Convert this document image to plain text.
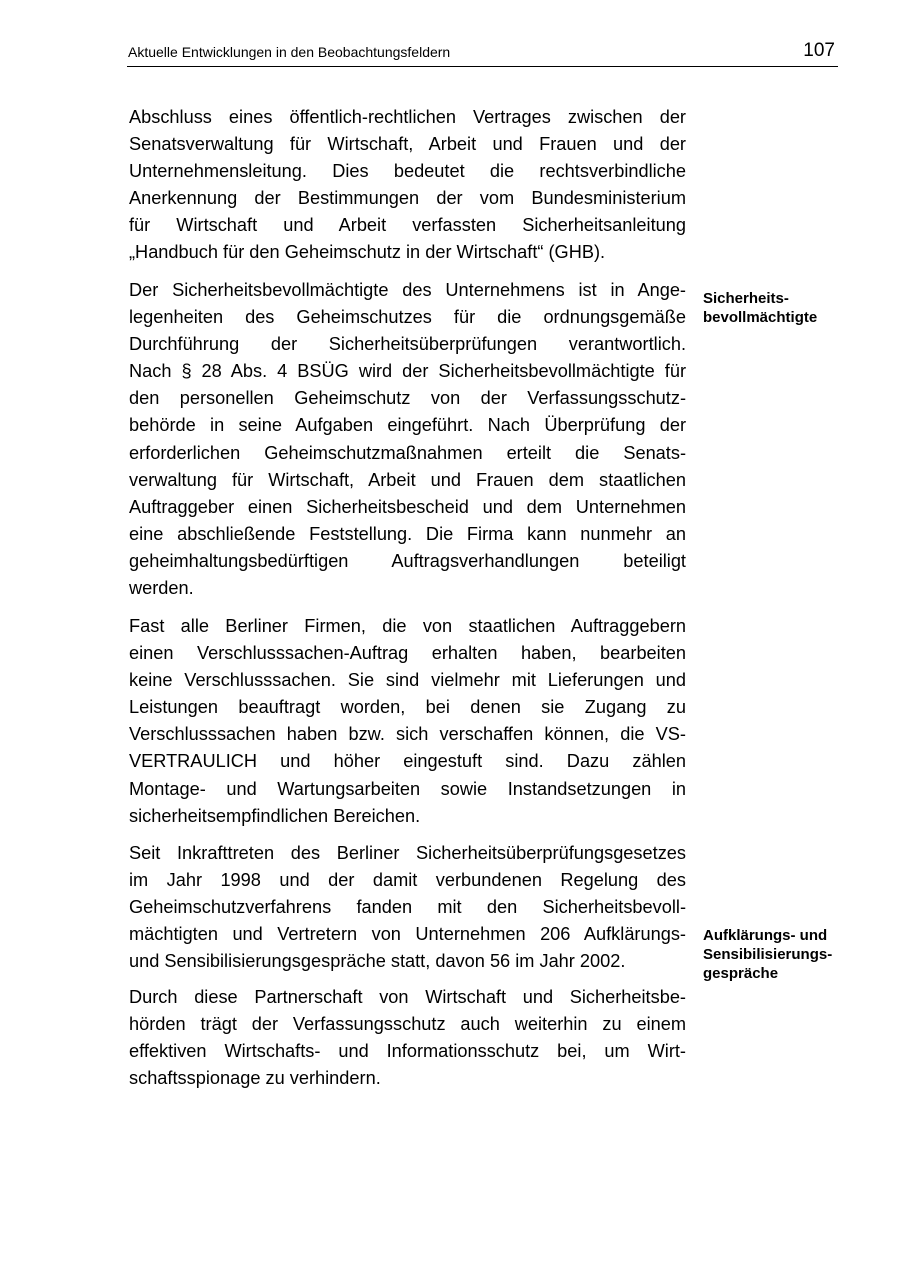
Aktuelle Entwicklungen in den Beobachtungsfeldern	107

Abschluss eines öffentlich-rechtlichen Vertrages zwischen der
Senatsverwaltung für Wirtschaft, Arbeit und Frauen und der
Unternehmensleitung. Dies bedeutet die rechtsverbindliche
Anerkennung der Bestimmungen der vom Bundesministerium
für Wirtschaft und Arbeit verfassten Sicherheitsanleitung
„Handbuch für den Geheimschutz in der Wirtschaft“ (GHB).

Der Sicherheitsbevollmächtigte des Unternehmens ist in Ange-
legenheiten des Geheimschutzes für die ordnungsgemäße
Durchführung der Sicherheitsüberprüfungen verantwortlich.
Nach § 28 Abs. 4 BSÜG wird der Sicherheitsbevollmächtigte für
den personellen Geheimschutz von der Verfassungsschutz-
behörde in seine Aufgaben eingeführt. Nach Überprüfung der
erforderlichen Geheimschutzmaßnahmen erteilt die Senats-
verwaltung für Wirtschaft, Arbeit und Frauen dem staatlichen
Auftraggeber einen Sicherheitsbescheid und dem Unternehmen
eine abschließende Feststellung. Die Firma kann nunmehr an
geheimhaltungsbedürftigen Auftragsverhandlungen beteiligt
werden.

Fast alle Berliner Firmen, die von staatlichen Auftraggebern
einen Verschlusssachen-Auftrag erhalten haben, bearbeiten
keine Verschlusssachen. Sie sind vielmehr mit Lieferungen und
Leistungen beauftragt worden, bei denen sie Zugang zu
Verschlusssachen haben bzw. sich verschaffen können, die VS-
VERTRAULICH und höher eingestuft sind. Dazu zählen
Montage- und Wartungsarbeiten sowie Instandsetzungen in
sicherheitsempfindlichen Bereichen.

Seit Inkrafttreten des Berliner Sicherheitsüberprüfungsgesetzes
im Jahr 1998 und der damit verbundenen Regelung des
Geheimschutzverfahrens fanden mit den Sicherheitsbevoll-
mächtigten und Vertretern von Unternehmen 206 Aufklärungs-
und Sensibilisierungsgespräche statt, davon 56 im Jahr 2002.

Durch diese Partnerschaft von Wirtschaft und Sicherheitsbe-
hörden trägt der Verfassungsschutz auch weiterhin zu einem
effektiven Wirtschafts- und Informationsschutz bei, um Wirt-
schaftsspionage zu verhindern.

Sicherheits-
bevollmächtigte
Aufklärungs- und
Sensibilisierungs-
gespräche
